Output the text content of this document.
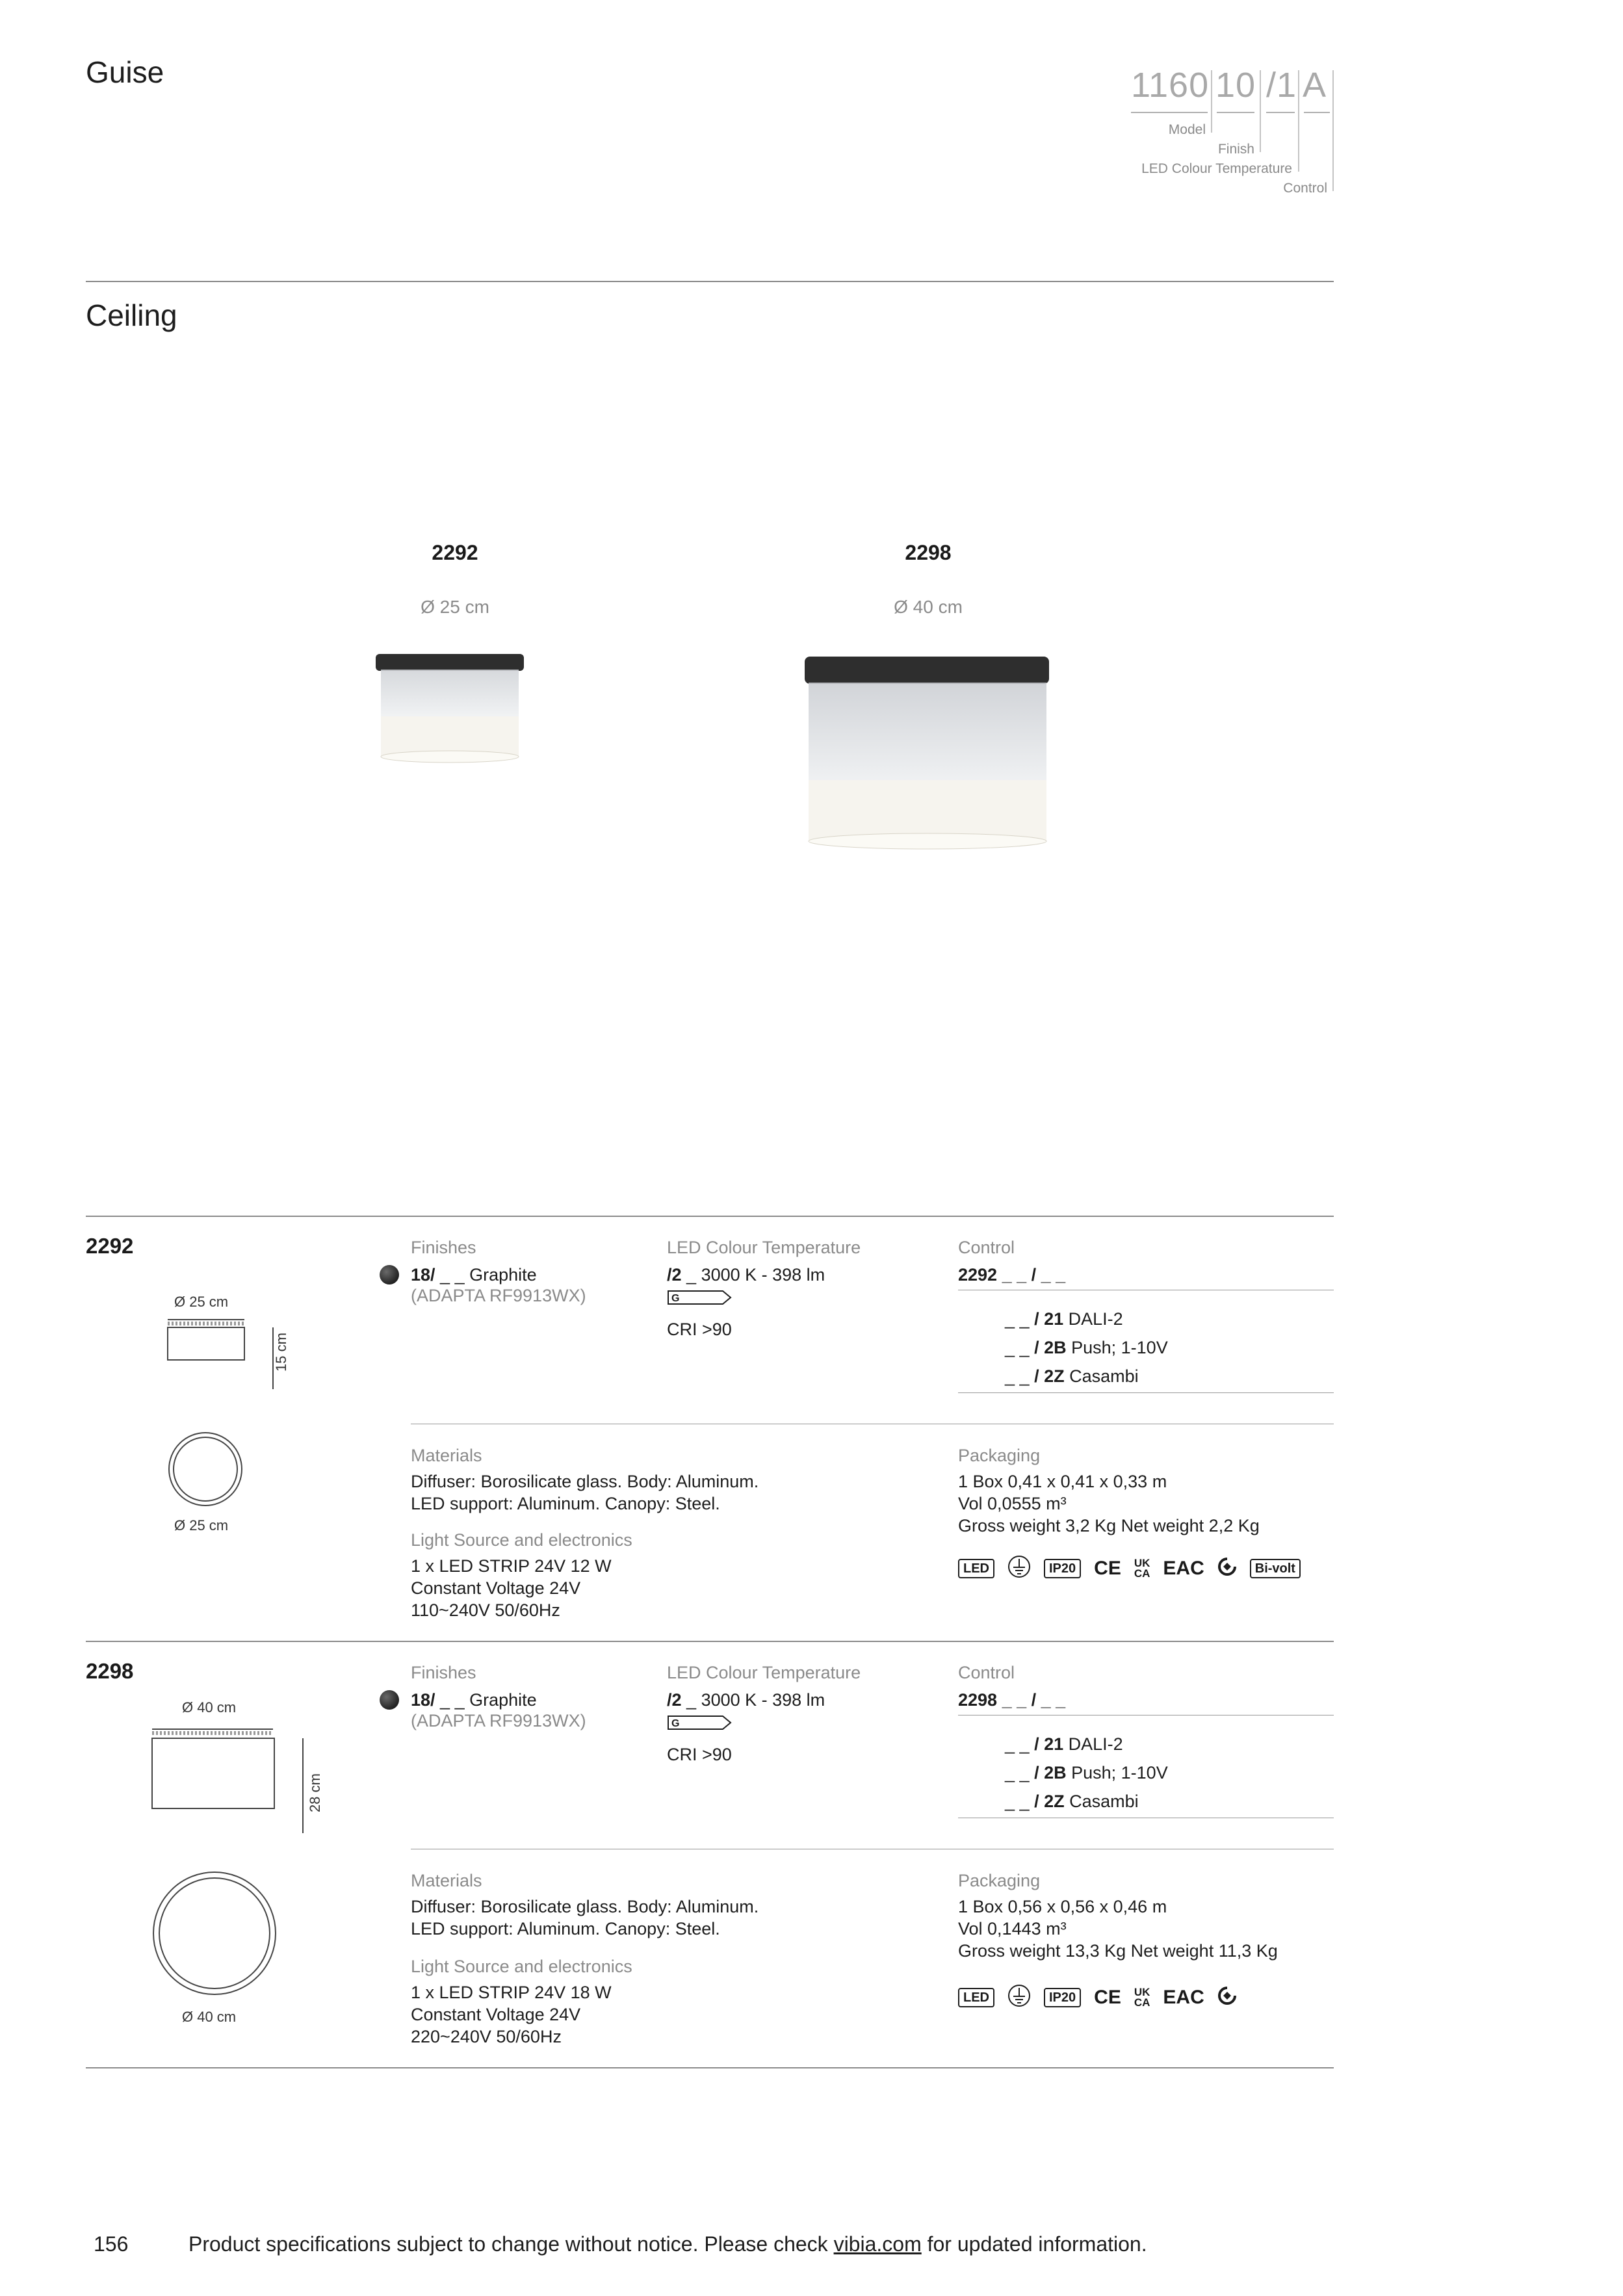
Guise	1160 10 /1 A
Model
Finish
LED Colour Temperature
Control
Ceiling
2292
Ø 25 cm
2298
Ø 40 cm
2292
Ø 25 cm
15 cm
Ø 25 cm
Finishes
18/ _ _ Graphite
(ADAPTA RF9913WX)
LED Colour Temperature
/2 _ 3000 K - 398 lm
G
CRI >90
Control
2292 _ _ / _ _
_ _ / 21 DALI-2
_ _ / 2B Push; 1-10V
_ _ / 2Z Casambi
Materials
Diffuser: Borosilicate glass. Body: Aluminum.
LED support: Aluminum. Canopy: Steel.
Light Source and electronics
1 x LED STRIP 24V 12 W
Constant Voltage 24V
110~240V 50/60Hz
Packaging
1 Box 0,41 x 0,41 x 0,33 m
Vol 0,0555 m³
Gross weight 3,2 Kg Net weight 2,2 Kg
LED	IP20 CE UK
CA EAC	Bi-volt
2298
Ø 40 cm
28 cm
Ø 40 cm
Finishes
18/ _ _ Graphite
(ADAPTA RF9913WX)
LED Colour Temperature
/2 _ 3000 K - 398 lm
G
CRI >90
Control
2298 _ _ / _ _
_ _ / 21 DALI-2
_ _ / 2B Push; 1-10V
_ _ / 2Z Casambi
Materials
Diffuser: Borosilicate glass. Body: Aluminum.
LED support: Aluminum. Canopy: Steel.
Light Source and electronics
1 x LED STRIP 24V 18 W
Constant Voltage 24V
220~240V 50/60Hz
Packaging
1 Box 0,56 x 0,56 x 0,46 m
Vol 0,1443 m³
Gross weight 13,3 Kg Net weight 11,3 Kg
LED	IP20 CE UK
CA EAC
156	Product specifications subject to change without notice. Please check vibia.com for updated information.
